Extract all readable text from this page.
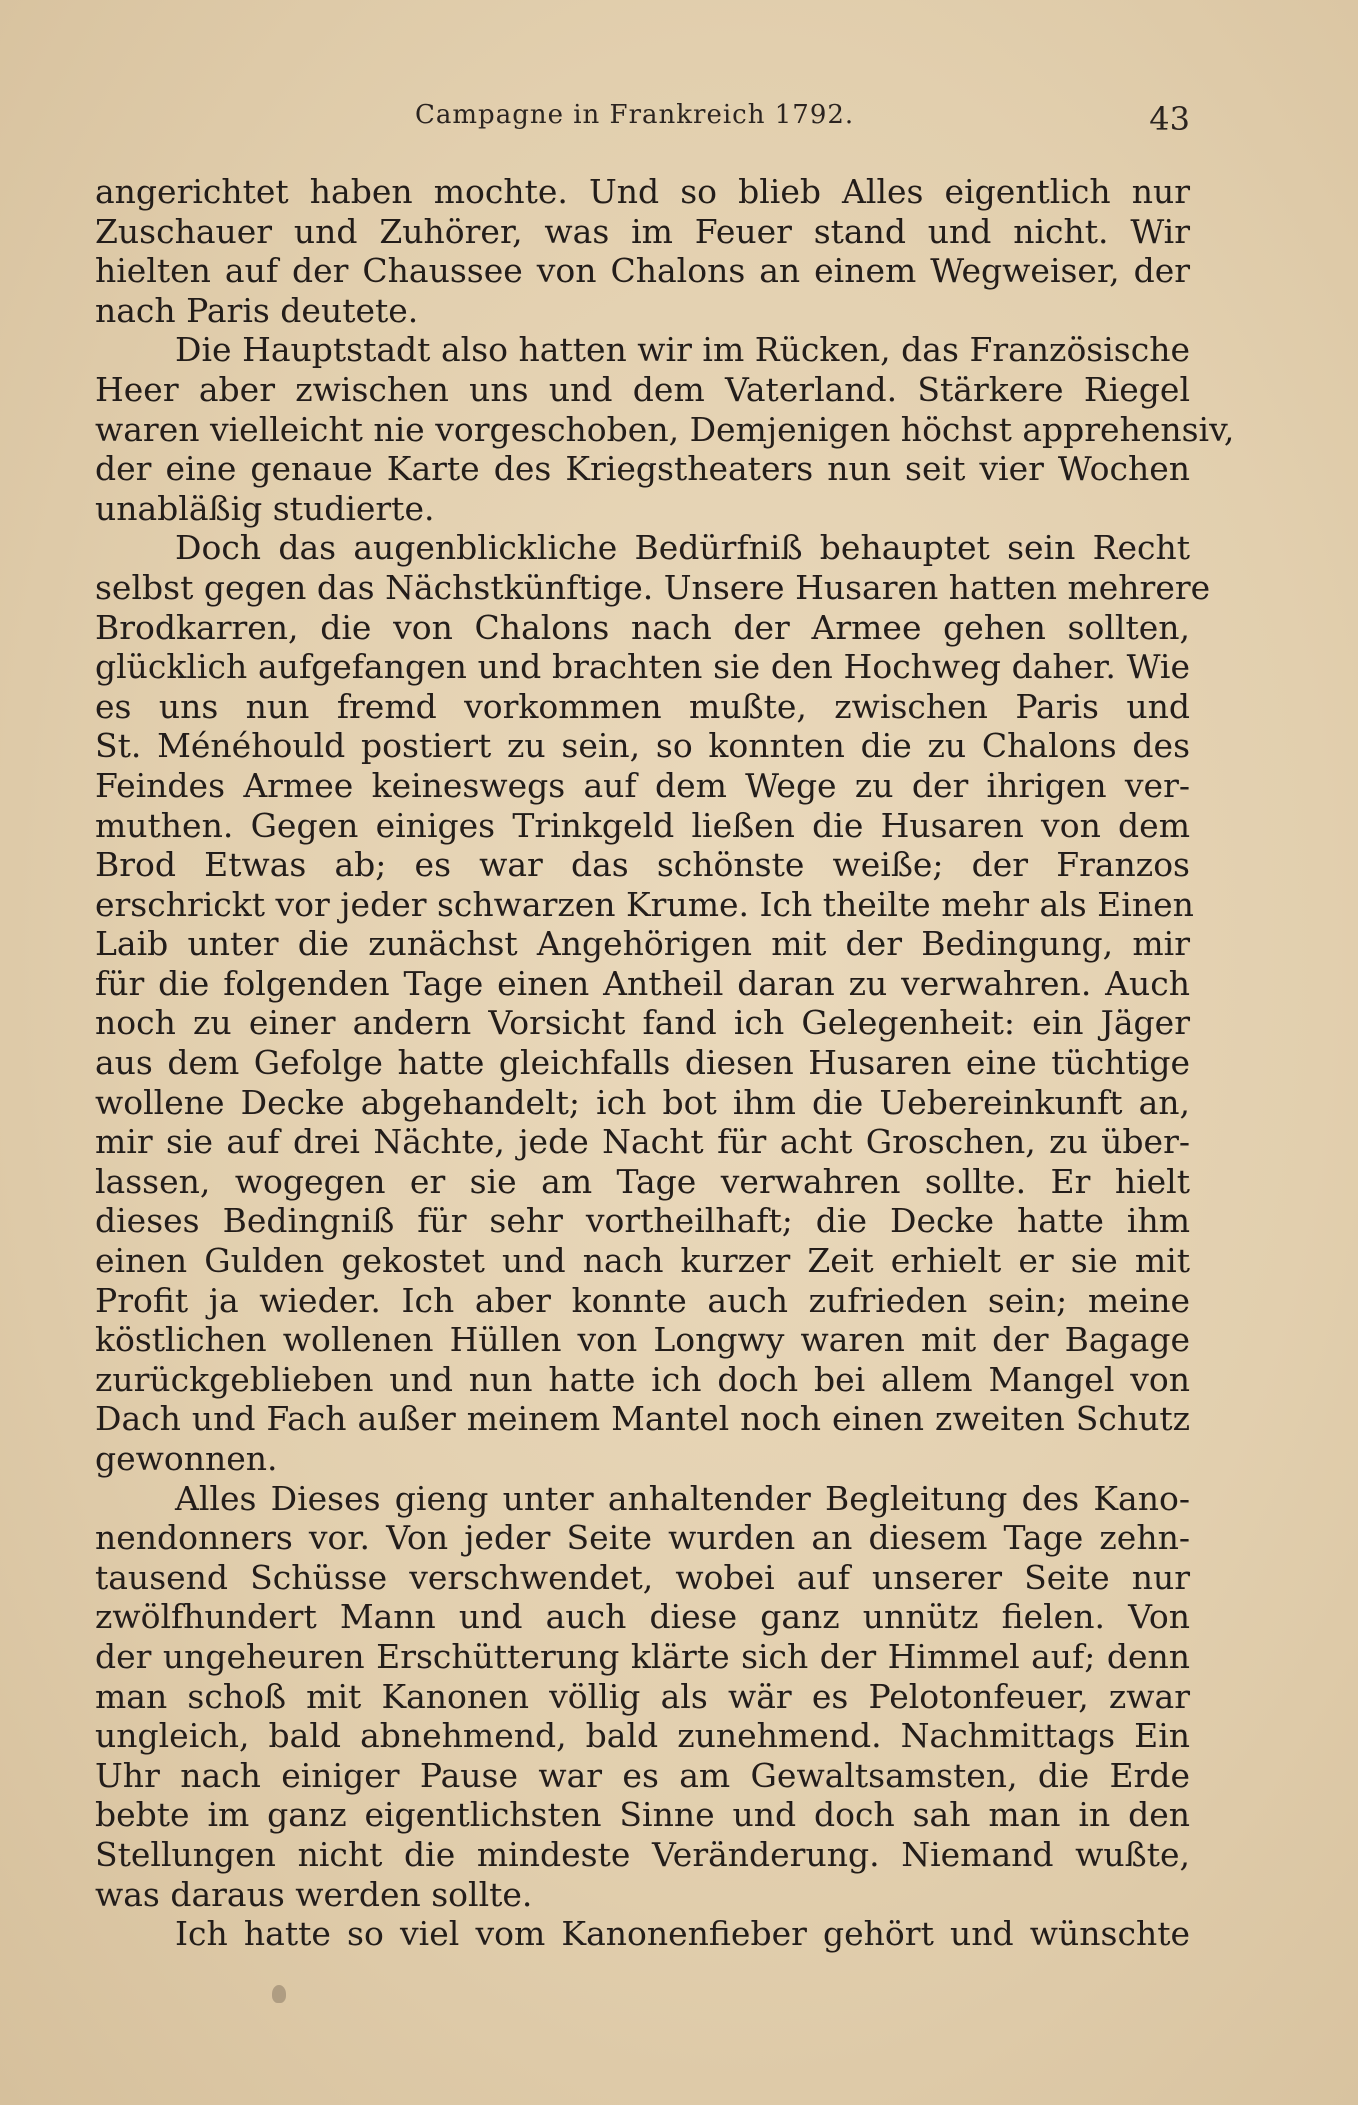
Campagne in Frankreich 1792.	43

angerichtet haben mochte. Und so blieb Alles eigentlich nur
Zuschauer und Zuhörer, was im Feuer stand und nicht. Wir
hielten auf der Chaussee von Chalons an einem Wegweiser, der
nach Paris deutete.

Die Hauptstadt also hatten wir im Rücken, das Französische
Heer aber zwischen uns und dem Vaterland. Stärkere Riegel
waren vielleicht nie vorgeschoben, Demjenigen höchst apprehensiv,
der eine genaue Karte des Kriegstheaters nun seit vier Wochen
unabläßig studierte.

Doch das augenblickliche Bedürfniß behauptet sein Recht
selbst gegen das Nächstkünftige. Unsere Husaren hatten mehrere
Brodkarren, die von Chalons nach der Armee gehen sollten,
glücklich aufgefangen und brachten sie den Hochweg daher. Wie
es uns nun fremd vorkommen mußte, zwischen Paris und
St. Ménéhould postiert zu sein, so konnten die zu Chalons des
Feindes Armee keineswegs auf dem Wege zu der ihrigen ver-
muthen. Gegen einiges Trinkgeld ließen die Husaren von dem
Brod Etwas ab; es war das schönste weiße; der Franzos
erschrickt vor jeder schwarzen Krume. Ich theilte mehr als Einen
Laib unter die zunächst Angehörigen mit der Bedingung, mir
für die folgenden Tage einen Antheil daran zu verwahren. Auch
noch zu einer andern Vorsicht fand ich Gelegenheit: ein Jäger
aus dem Gefolge hatte gleichfalls diesen Husaren eine tüchtige
wollene Decke abgehandelt; ich bot ihm die Uebereinkunft an,
mir sie auf drei Nächte, jede Nacht für acht Groschen, zu über-
lassen, wogegen er sie am Tage verwahren sollte. Er hielt
dieses Bedingniß für sehr vortheilhaft; die Decke hatte ihm
einen Gulden gekostet und nach kurzer Zeit erhielt er sie mit
Profit ja wieder. Ich aber konnte auch zufrieden sein; meine
köstlichen wollenen Hüllen von Longwy waren mit der Bagage
zurückgeblieben und nun hatte ich doch bei allem Mangel von
Dach und Fach außer meinem Mantel noch einen zweiten Schutz
gewonnen.

Alles Dieses gieng unter anhaltender Begleitung des Kano-
nendonners vor. Von jeder Seite wurden an diesem Tage zehn-
tausend Schüsse verschwendet, wobei auf unserer Seite nur
zwölfhundert Mann und auch diese ganz unnütz fielen. Von
der ungeheuren Erschütterung klärte sich der Himmel auf; denn
man schoß mit Kanonen völlig als wär es Pelotonfeuer, zwar
ungleich, bald abnehmend, bald zunehmend. Nachmittags Ein
Uhr nach einiger Pause war es am Gewaltsamsten, die Erde
bebte im ganz eigentlichsten Sinne und doch sah man in den
Stellungen nicht die mindeste Veränderung. Niemand wußte,
was daraus werden sollte.

Ich hatte so viel vom Kanonenfieber gehört und wünschte
